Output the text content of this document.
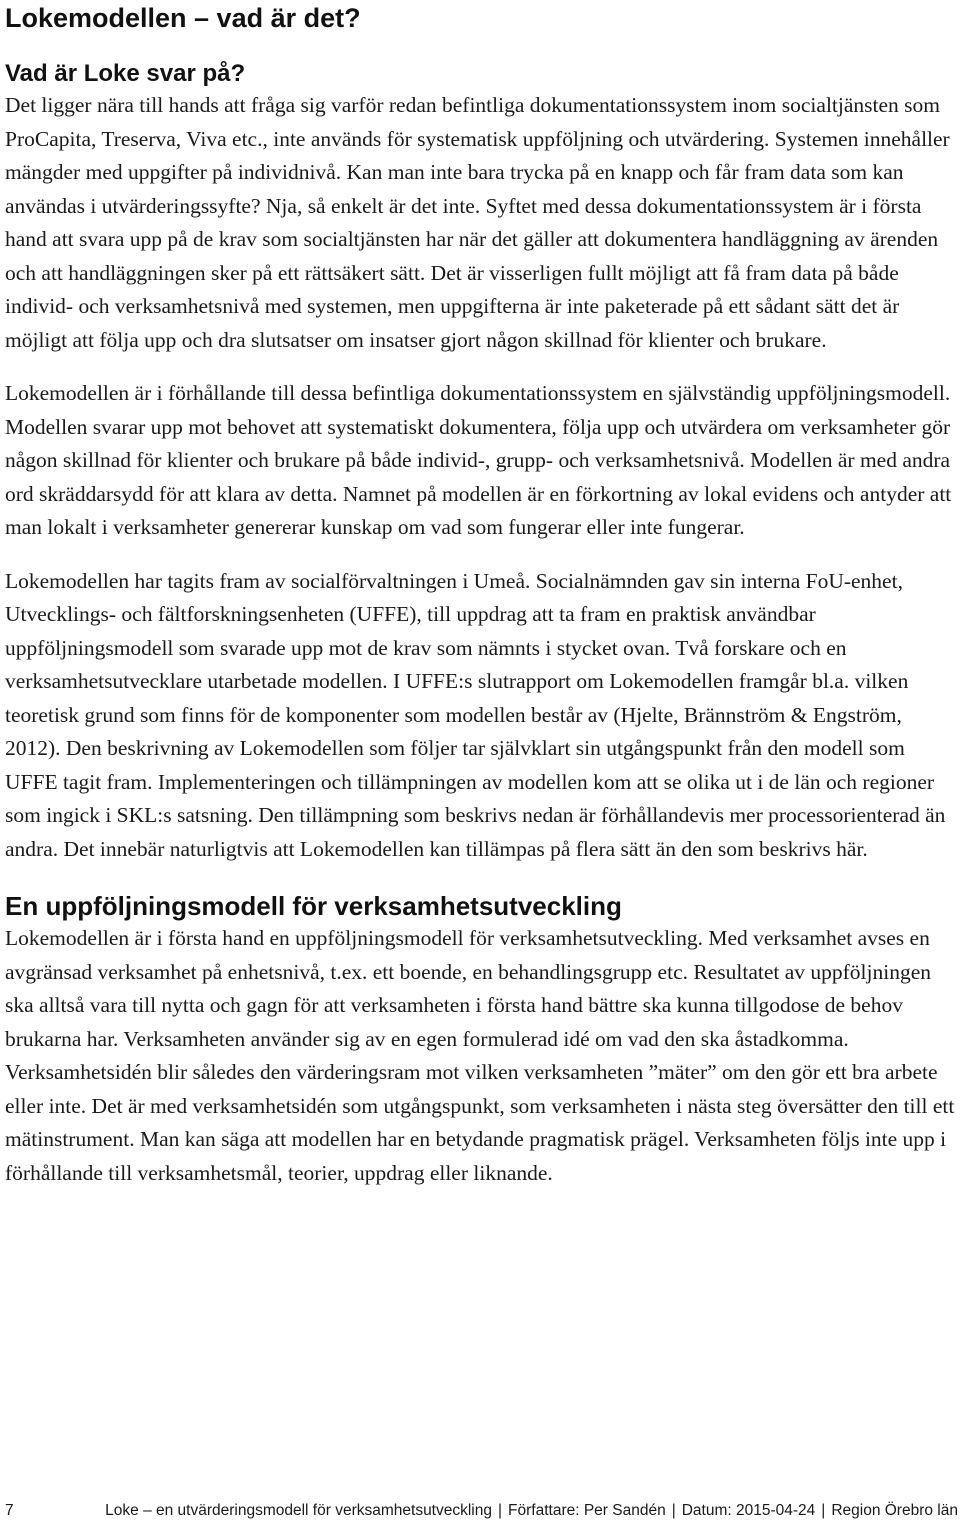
Lokemodellen – vad är det?
Vad är Loke svar på?

Det ligger nära till hands att fråga sig varför redan befintliga dokumentationssystem inom socialtjänsten som ProCapita, Treserva, Viva etc., inte används för systematisk uppföljning och utvärdering. Systemen innehåller mängder med uppgifter på individnivå. Kan man inte bara trycka på en knapp och får fram data som kan användas i utvärderingssyfte? Nja, så enkelt är det inte. Syftet med dessa dokumentationssystem är i första hand att svara upp på de krav som socialtjänsten har när det gäller att dokumentera handläggning av ärenden och att handläggningen sker på ett rättsäkert sätt. Det är visserligen fullt möjligt att få fram data på både individ- och verksamhetsnivå med systemen, men uppgifterna är inte paketerade på ett sådant sätt det är möjligt att följa upp och dra slutsatser om insatser gjort någon skillnad för klienter och brukare.

Lokemodellen är i förhållande till dessa befintliga dokumentationssystem en självständig uppföljningsmodell. Modellen svarar upp mot behovet att systematiskt dokumentera, följa upp och utvärdera om verksamheter gör någon skillnad för klienter och brukare på både individ-, grupp- och verksamhetsnivå. Modellen är med andra ord skräddarsydd för att klara av detta. Namnet på modellen är en förkortning av lokal evidens och antyder att man lokalt i verksamheter genererar kunskap om vad som fungerar eller inte fungerar.

Lokemodellen har tagits fram av socialförvaltningen i Umeå. Socialnämnden gav sin interna FoU-enhet, Utvecklings- och fältforskningsenheten (UFFE), till uppdrag att ta fram en praktisk användbar uppföljningsmodell som svarade upp mot de krav som nämnts i stycket ovan. Två forskare och en verksamhetsutvecklare utarbetade modellen. I UFFE:s slutrapport om Lokemodellen framgår bl.a. vilken teoretisk grund som finns för de komponenter som modellen består av (Hjelte, Brännström & Engström, 2012). Den beskrivning av Lokemodellen som följer tar självklart sin utgångspunkt från den modell som UFFE tagit fram. Implementeringen och tillämpningen av modellen kom att se olika ut i de län och regioner som ingick i SKL:s satsning. Den tillämpning som beskrivs nedan är förhållandevis mer processorienterad än andra. Det innebär naturligtvis att Lokemodellen kan tillämpas på flera sätt än den som beskrivs här.

En uppföljningsmodell för verksamhetsutveckling

Lokemodellen är i första hand en uppföljningsmodell för verksamhetsutveckling. Med verksamhet avses en avgränsad verksamhet på enhetsnivå, t.ex. ett boende, en behandlingsgrupp etc. Resultatet av uppföljningen ska alltså vara till nytta och gagn för att verksamheten i första hand bättre ska kunna tillgodose de behov brukarna har. Verksamheten använder sig av en egen formulerad idé om vad den ska åstadkomma. Verksamhetsidén blir således den värderingsram mot vilken verksamheten ”mäter” om den gör ett bra arbete eller inte. Det är med verksamhetsidén som utgångspunkt, som verksamheten i nästa steg översätter den till ett mätinstrument. Man kan säga att modellen har en betydande pragmatisk prägel. Verksamheten följs inte upp i förhållande till verksamhetsmål, teorier, uppdrag eller liknande.

7	Loke – en utvärderingsmodell för verksamhetsutveckling | Författare: Per Sandén | Datum: 2015-04-24 | Region Örebro län
